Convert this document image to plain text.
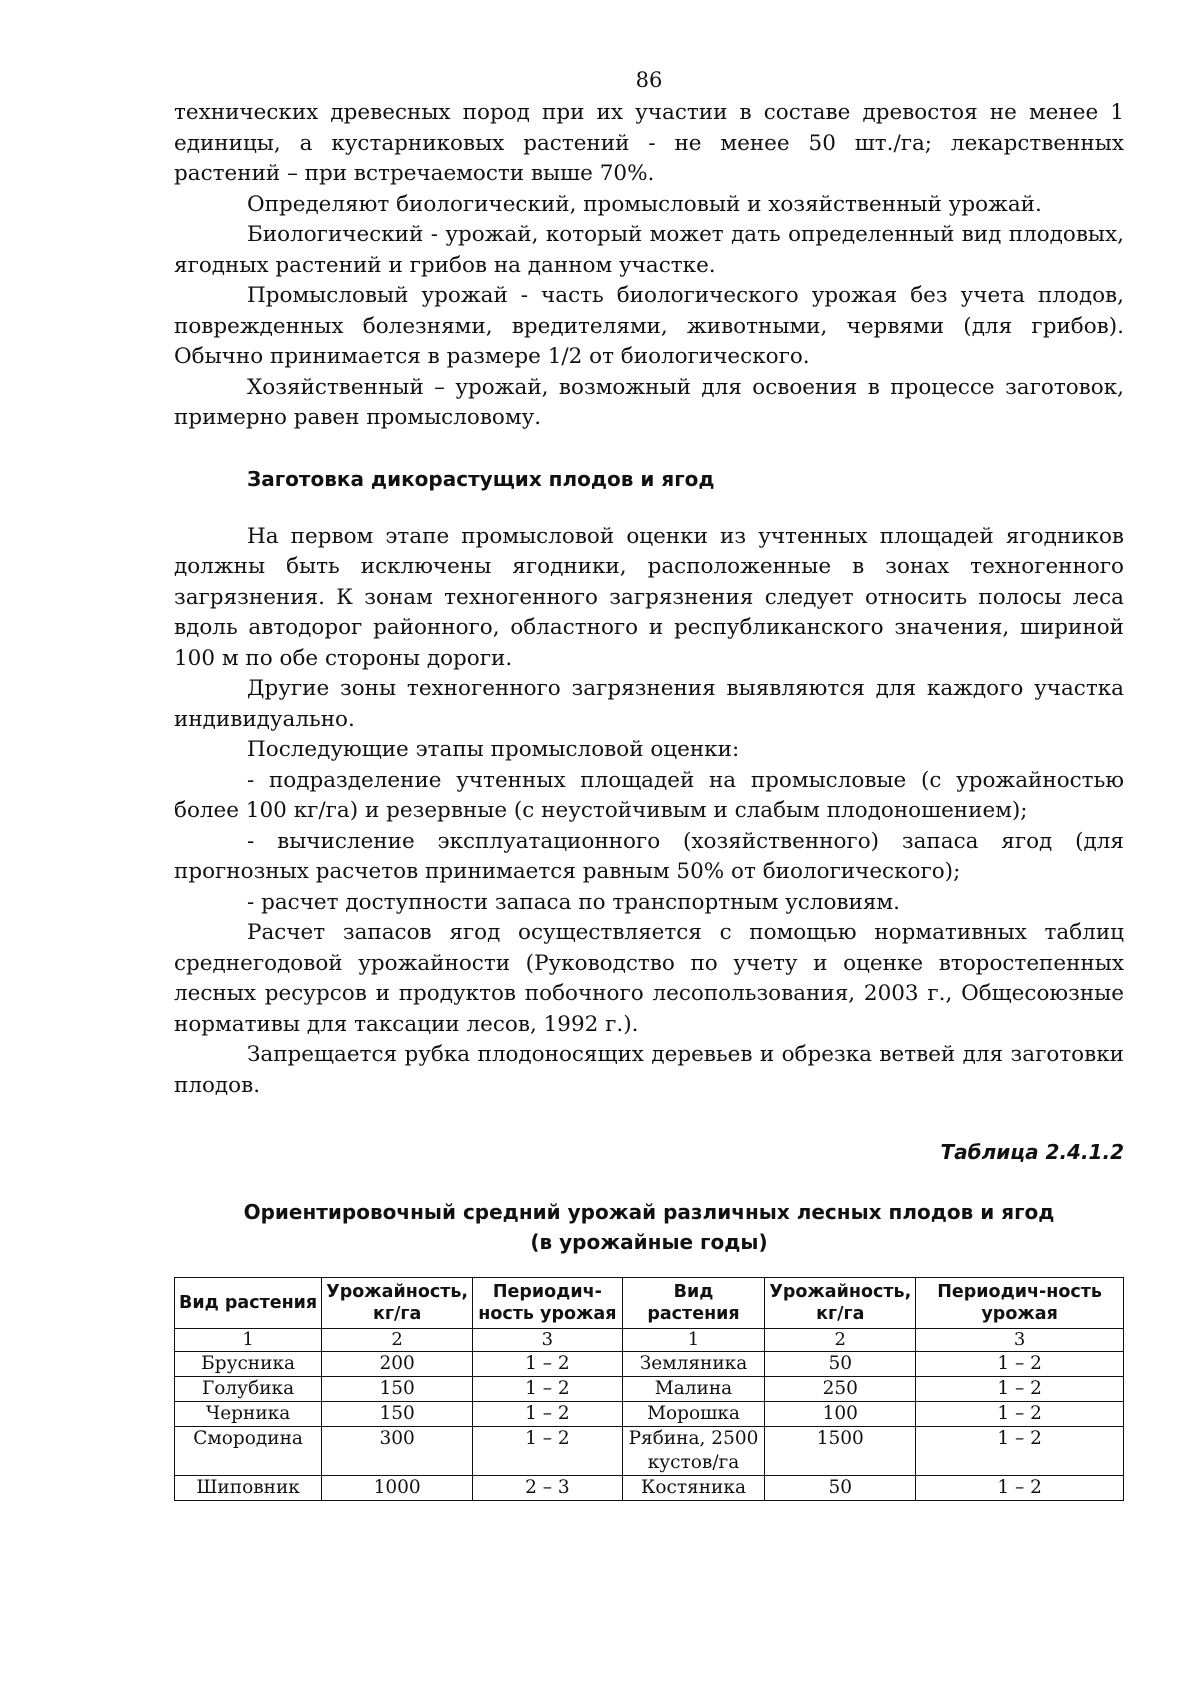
86

технических древесных пород при их участии в составе древостоя не менее 1 единицы, а кустарниковых растений - не менее 50 шт./га; лекарственных растений – при встречаемости выше 70%.

Определяют биологический, промысловый и хозяйственный урожай.

Биологический - урожай, который может дать определенный вид плодовых, ягодных растений и грибов на данном участке.

Промысловый урожай - часть биологического урожая без учета плодов, поврежденных болезнями, вредителями, животными, червями (для грибов). Обычно принимается в размере 1/2 от биологического.

Хозяйственный – урожай, возможный для освоения в процессе заготовок, примерно равен промысловому.

Заготовка дикорастущих плодов и ягод

На первом этапе промысловой оценки из учтенных площадей ягодников должны быть исключены ягодники, расположенные в зонах техногенного загрязнения. К зонам техногенного загрязнения следует относить полосы леса вдоль автодорог районного, областного и республиканского значения, шириной 100 м по обе стороны дороги.

Другие зоны техногенного загрязнения выявляются для каждого участка индивидуально.

Последующие этапы промысловой оценки:

- подразделение учтенных площадей на промысловые (с урожайностью более 100 кг/га) и резервные (с неустойчивым и слабым плодоношением);

- вычисление эксплуатационного (хозяйственного) запаса ягод (для прогнозных расчетов принимается равным 50% от биологического);

- расчет доступности запаса по транспортным условиям.

Расчет запасов ягод осуществляется с помощью нормативных таблиц среднегодовой урожайности (Руководство по учету и оценке второстепенных лесных ресурсов и продуктов побочного лесопользования, 2003 г., Общесоюзные нормативы для таксации лесов, 1992 г.).

Запрещается рубка плодоносящих деревьев и обрезка ветвей для заготовки плодов.

Таблица 2.4.1.2
Ориентировочный средний урожай различных лесных плодов и ягод
(в урожайные годы)
Вид растения	Урожайность, кг/га	Периодич-ность урожая	Вид растения	Урожайность, кг/га	Периодич-ность урожая
1	2	3	1	2	3
Брусника	200	1 – 2	Земляника	50	1 – 2
Голубика	150	1 – 2	Малина	250	1 – 2
Черника	150	1 – 2	Морошка	100	1 – 2
Смородина	300	1 – 2	Рябина, 2500 кустов/га	1500	1 – 2
Шиповник	1000	2 – 3	Костяника	50	1 – 2
